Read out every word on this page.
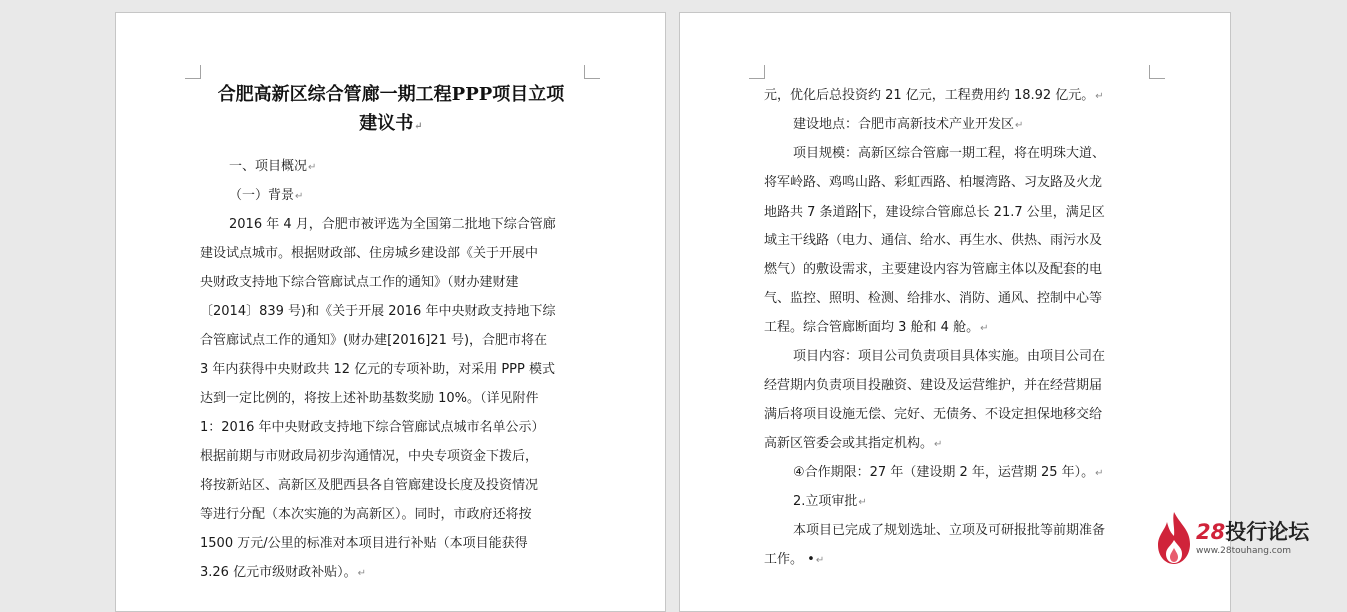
合肥高新区综合管廊一期工程PPP项目立项
建议书↵

一、项目概况↵

（一）背景↵

2016 年 4 月，合肥市被评选为全国第二批地下综合管廊

建设试点城市。根据财政部、住房城乡建设部《关于开展中

央财政支持地下综合管廊试点工作的通知》（财办建财建

〔2014〕839 号)和《关于开展 2016 年中央财政支持地下综

合管廊试点工作的通知》(财办建[2016]21 号)，合肥市将在

3 年内获得中央财政共 12 亿元的专项补助，对采用 PPP 模式

达到一定比例的，将按上述补助基数奖励 10%。（详见附件

1：2016 年中央财政支持地下综合管廊试点城市名单公示）

根据前期与市财政局初步沟通情况，中央专项资金下拨后，

将按新站区、高新区及肥西县各自管廊建设长度及投资情况

等进行分配（本次实施的为高新区）。同时，市政府还将按

1500 万元/公里的标准对本项目进行补贴（本项目能获得

3.26 亿元市级财政补贴）。↵

元，优化后总投资约 21 亿元，工程费用约 18.92 亿元。↵

建设地点：合肥市高新技术产业开发区↵

项目规模：高新区综合管廊一期工程，将在明珠大道、

将军岭路、鸡鸣山路、彩虹西路、柏堰湾路、习友路及火龙

地路共 7 条道路下，建设综合管廊总长 21.7 公里，满足区

域主干线路（电力、通信、给水、再生水、供热、雨污水及

燃气）的敷设需求，主要建设内容为管廊主体以及配套的电

气、监控、照明、检测、给排水、消防、通风、控制中心等

工程。综合管廊断面均 3 舱和 4 舱。↵

项目内容：项目公司负责项目具体实施。由项目公司在

经营期内负责项目投融资、建设及运营维护，并在经营期届

满后将项目设施无偿、完好、无债务、不设定担保地移交给

高新区管委会或其指定机构。↵

④合作期限：27 年（建设期 2 年，运营期 25 年）。↵

2.立项审批↵

本项目已完成了规划选址、立项及可研报批等前期准备

工作。 •↵

28投行论坛
www.28touhang.com
